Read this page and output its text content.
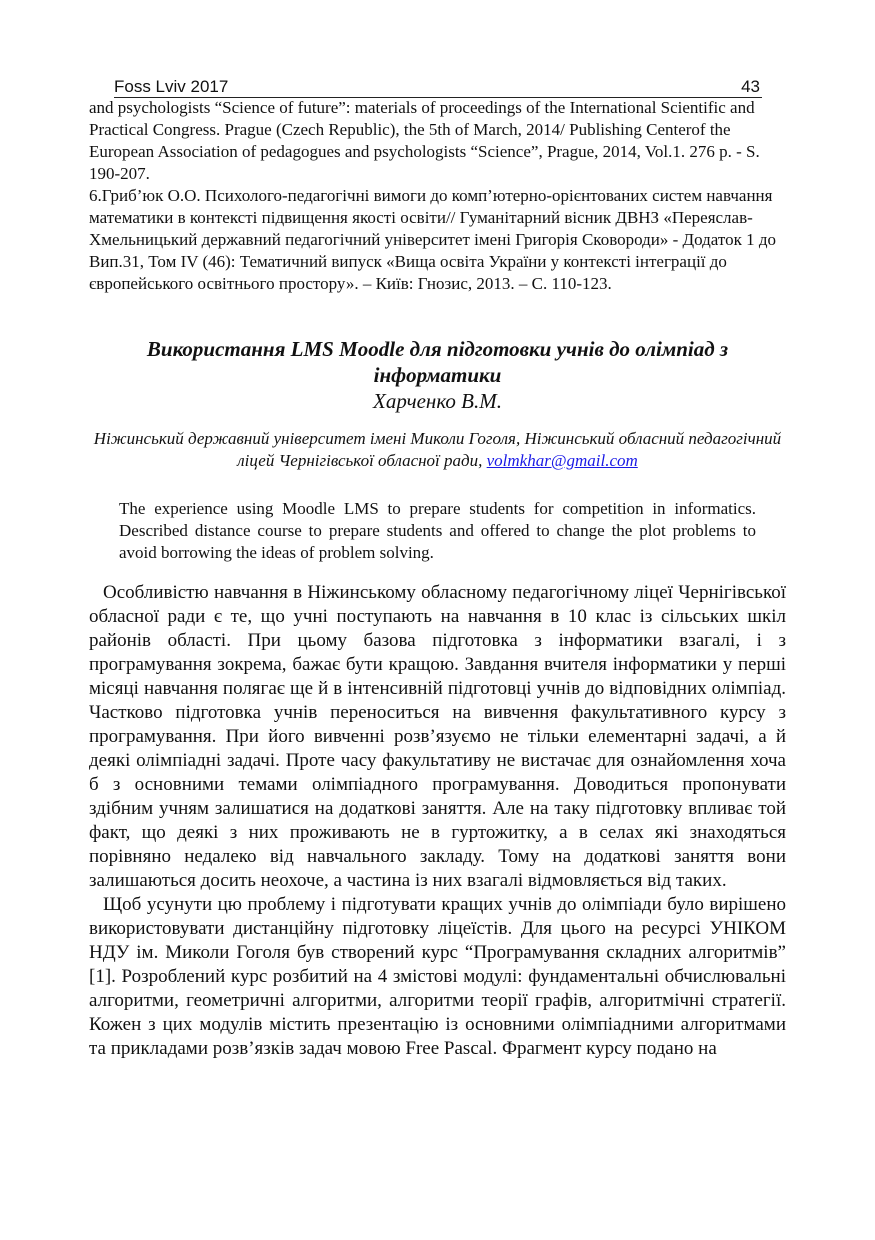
Foss Lviv 2017	43

and psychologists “Science of future”: materials of proceedings of the International Scientific and Practical Congress. Prague (Czech Republic), the 5th of March, 2014/ Publishing Centerof the European Association of pedagogues and psychologists “Science”, Prague, 2014, Vol.1. 276 p. - S. 190-207.

6.Гриб’юк О.О. Психолого-педагогічні вимоги до комп’ютерно-орієнтованих систем навчання математики в контексті підвищення якості освіти// Гуманітарний вісник ДВНЗ «Переяслав-Хмельницький державний педагогічний університет імені Григорія Сковороди» - Додаток 1 до Вип.31, Том IV (46): Тематичний випуск «Вища освіта України у контексті інтеграції до європейського освітнього простору». – Київ: Гнозис, 2013. – С. 110-123.

Використання LMS Moodle для підготовки учнів до олімпіад з інформатики

Харченко В.М.

Ніжинський державний університет імені Миколи Гоголя, Ніжинський обласний педагогічний ліцей Чернігівської обласної ради, volmkhar@gmail.com
The experience using Moodle LMS to prepare students for competition in informatics. Described distance course to prepare students and offered to change the plot problems to avoid borrowing the ideas of problem solving.

Особливістю навчання в Ніжинському обласному педагогічному ліцеї Чернігівської обласної ради є те, що учні поступають на навчання в 10 клас із сільських шкіл районів області. При цьому базова підготовка з інформатики взагалі, і з програмування зокрема, бажає бути кращою. Завдання вчителя інформатики у перші місяці навчання полягає ще й в інтенсивній підготовці учнів до відповідних олімпіад. Частково підготовка учнів переноситься на вивчення факультативного курсу з програмування. При його вивченні розв’язуємо не тільки елементарні задачі, а й деякі олімпіадні задачі. Проте часу факультативу не вистачає для ознайомлення хоча б з основними темами олімпіадного програмування. Доводиться пропонувати здібним учням залишатися на додаткові заняття. Але на таку підготовку впливає той факт, що деякі з них проживають не в гуртожитку, а в селах які знаходяться порівняно недалеко від навчального закладу. Тому на додаткові заняття вони залишаються досить неохоче, а частина із них взагалі відмовляється від таких.

Щоб усунути цю проблему і підготувати кращих учнів до олімпіади було вирішено використовувати дистанційну підготовку ліцеїстів. Для цього на ресурсі УНІКОМ НДУ ім. Миколи Гоголя був створений курс “Програмування складних алгоритмів” [1]. Розроблений курс розбитий на 4 змістові модулі: фундаментальні обчислювальні алгоритми, геометричні алгоритми, алгоритми теорії графів, алгоритмічні стратегії. Кожен з цих модулів містить презентацію із основними олімпіадними алгоритмами та прикладами розв’язків задач мовою Free Pascal. Фрагмент курсу подано на
